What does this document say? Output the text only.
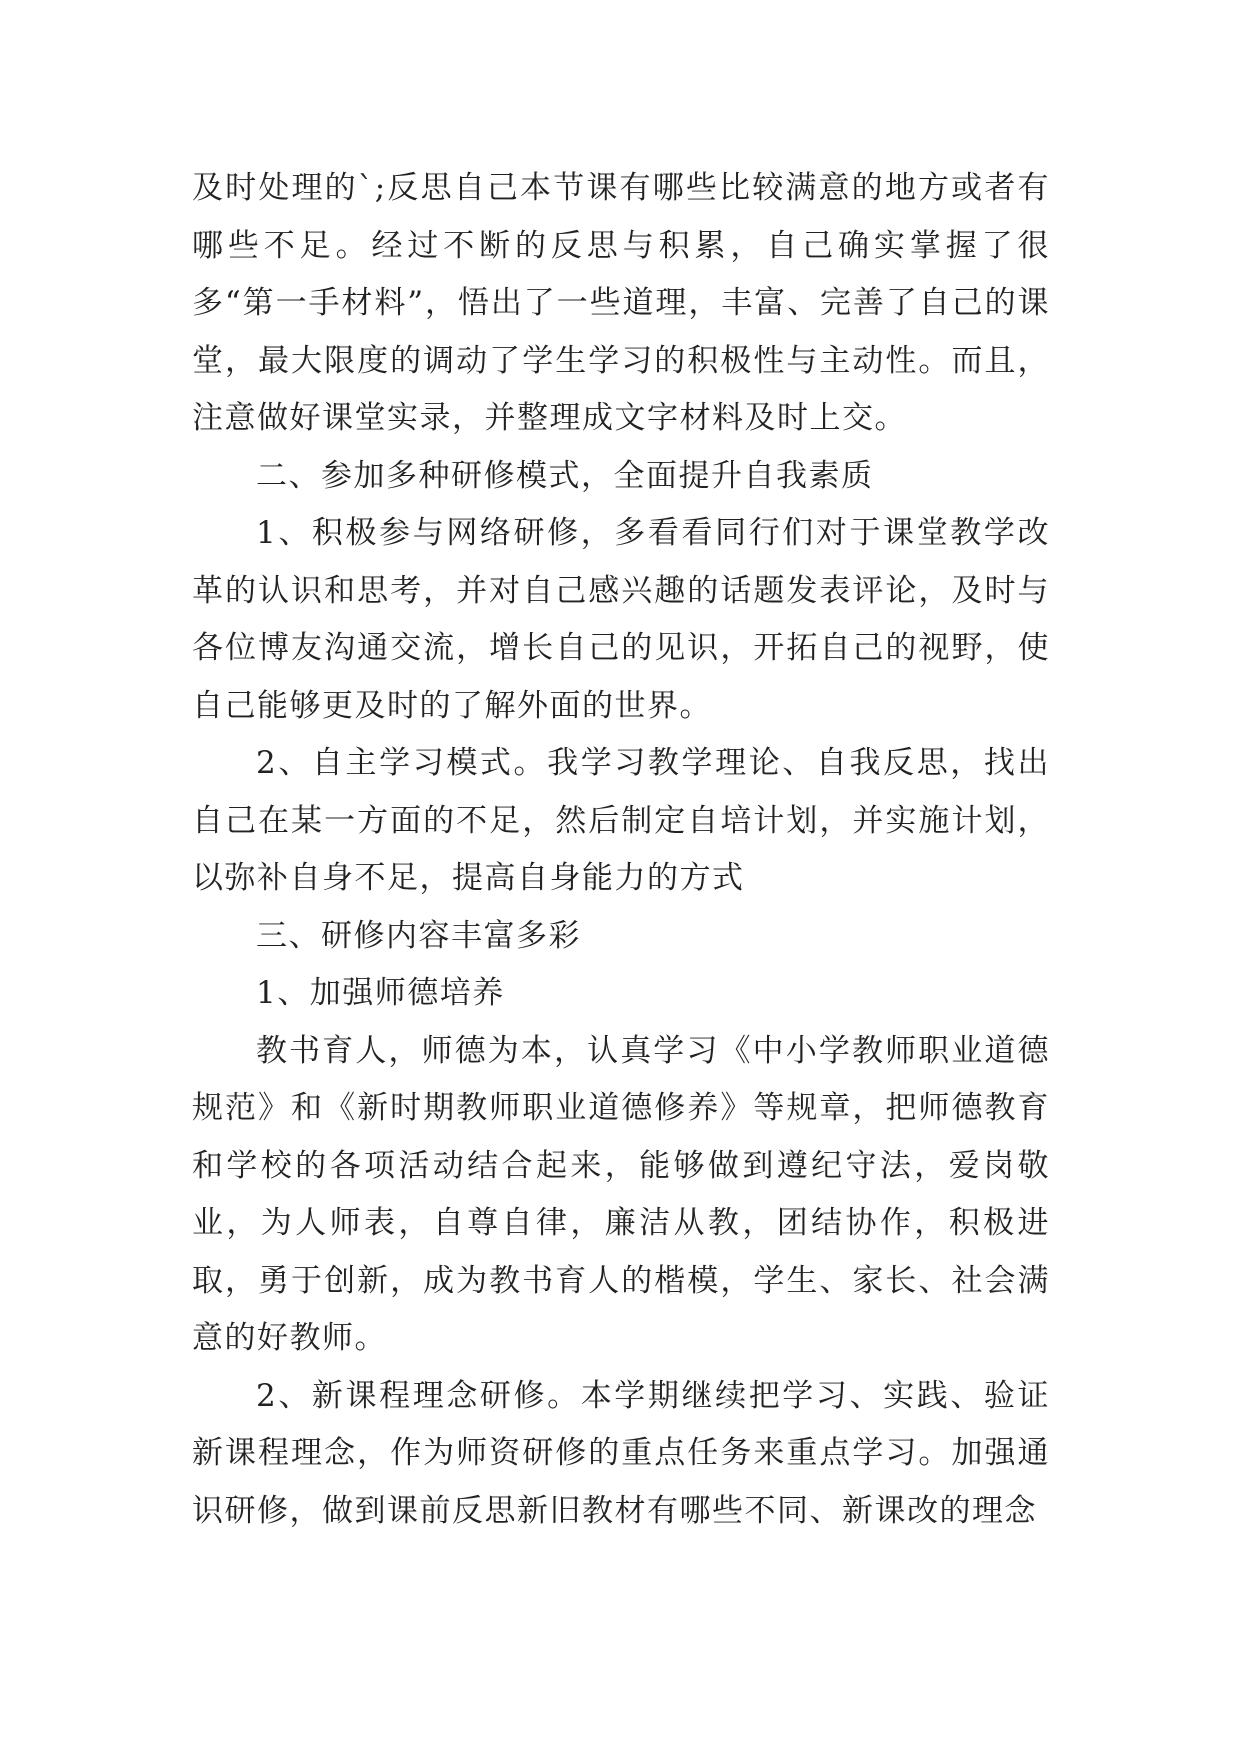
及时处理的`;反思自己本节课有哪些比较满意的地方或者有哪些不足。经过不断的反思与积累，自己确实掌握了很多“第一手材料”，悟出了一些道理，丰富、完善了自己的课堂，最大限度的调动了学生学习的积极性与主动性。而且，注意做好课堂实录，并整理成文字材料及时上交。

二、参加多种研修模式，全面提升自我素质

1、积极参与网络研修，多看看同行们对于课堂教学改革的认识和思考，并对自己感兴趣的话题发表评论，及时与各位博友沟通交流，增长自己的见识，开拓自己的视野，使自己能够更及时的了解外面的世界。

2、自主学习模式。我学习教学理论、自我反思，找出自己在某一方面的不足，然后制定自培计划，并实施计划，以弥补自身不足，提高自身能力的方式

三、研修内容丰富多彩

1、加强师德培养

教书育人，师德为本，认真学习《中小学教师职业道德规范》和《新时期教师职业道德修养》等规章，把师德教育和学校的各项活动结合起来，能够做到遵纪守法，爱岗敬业，为人师表，自尊自律，廉洁从教，团结协作，积极进取，勇于创新，成为教书育人的楷模，学生、家长、社会满意的好教师。

2、新课程理念研修。本学期继续把学习、实践、验证新课程理念，作为师资研修的重点任务来重点学习。加强通识研修，做到课前反思新旧教材有哪些不同、新课改的理念
